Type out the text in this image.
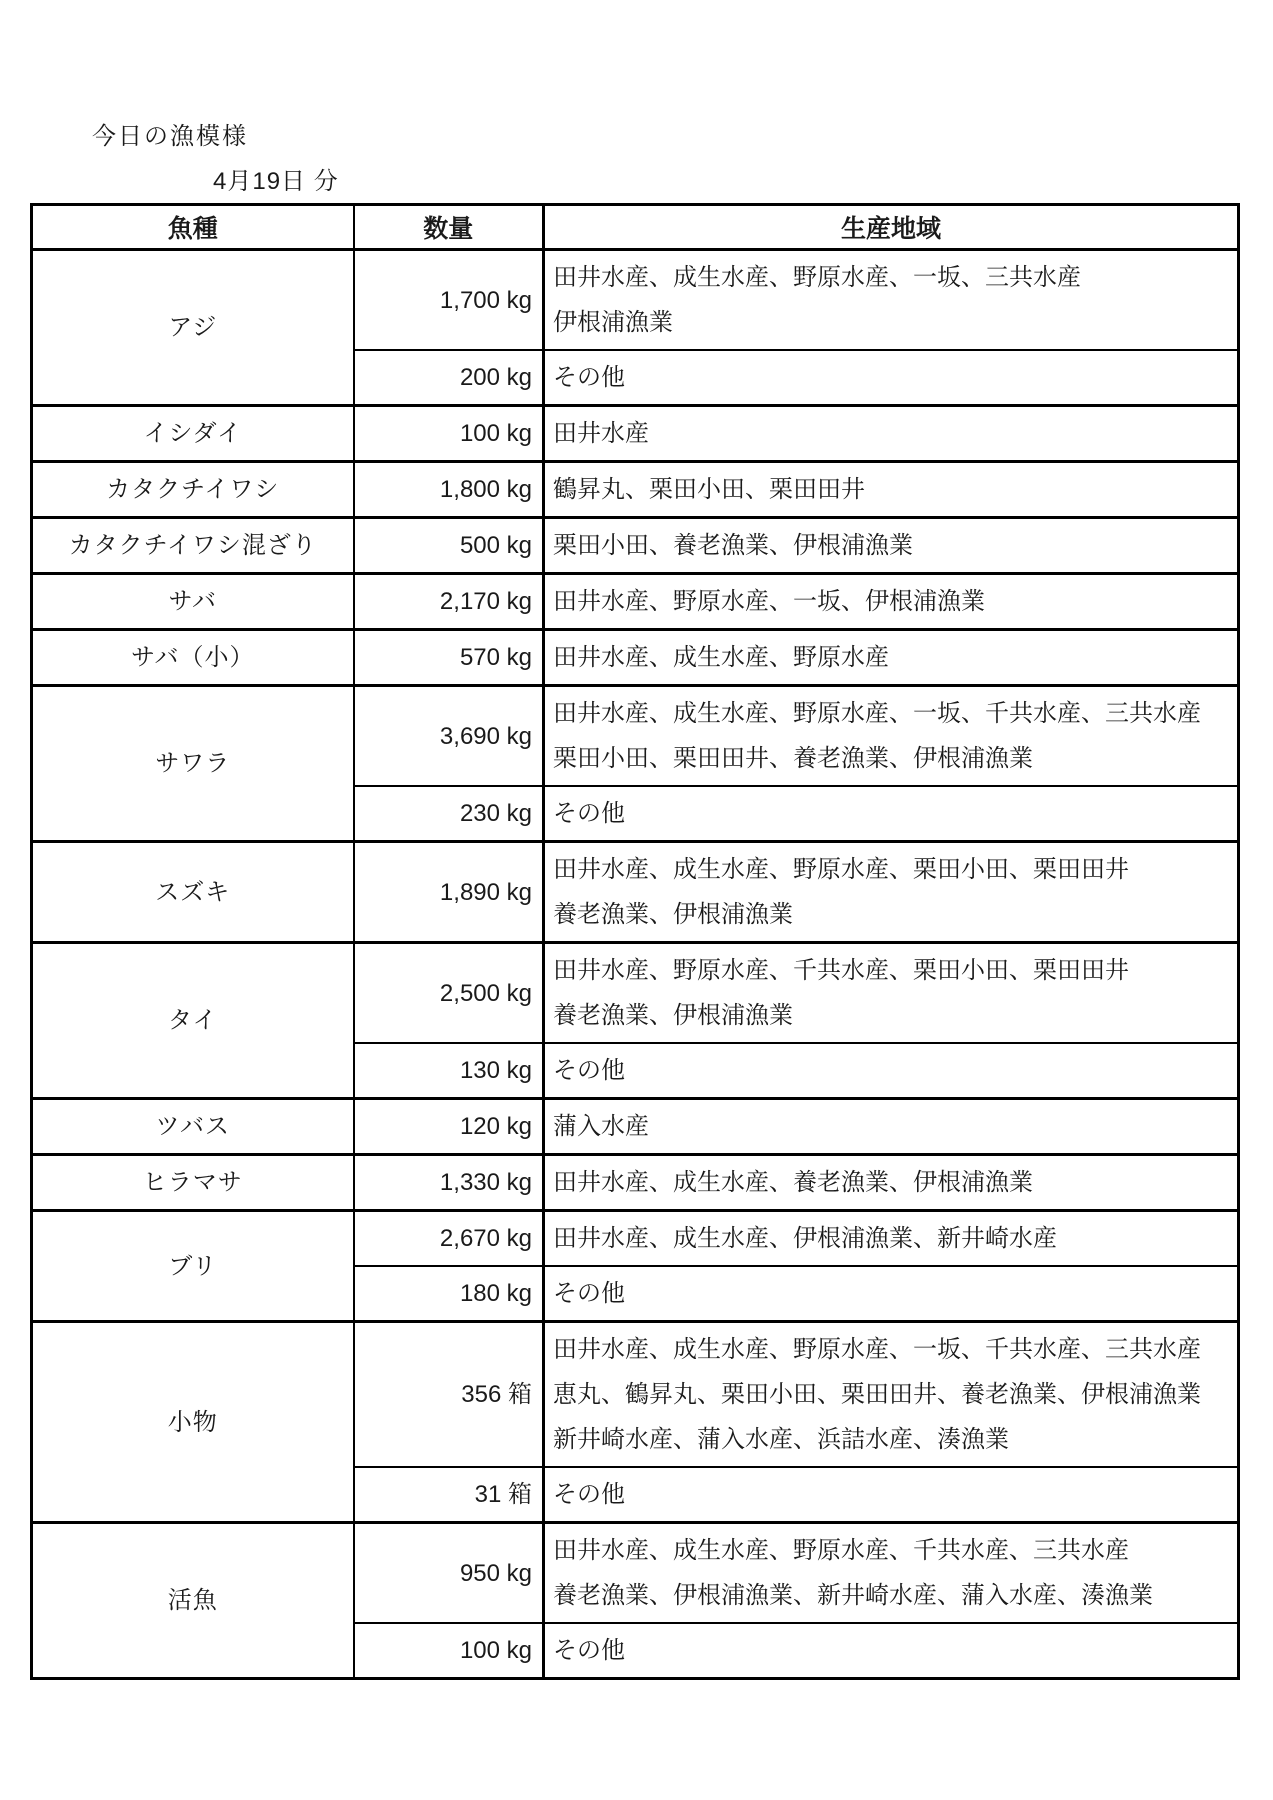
今日の漁模様
4月19日 分
魚種	数量	生産地域
アジ	1,700 kg	田井水産、成生水産、野原水産、一坂、三共水産
伊根浦漁業

	200 kg	その他

イシダイ	100 kg	田井水産

カタクチイワシ	1,800 kg	鶴昇丸、栗田小田、栗田田井

カタクチイワシ混ざり	500 kg	栗田小田、養老漁業、伊根浦漁業

サバ	2,170 kg	田井水産、野原水産、一坂、伊根浦漁業

サバ（小）	570 kg	田井水産、成生水産、野原水産

サワラ	3,690 kg	田井水産、成生水産、野原水産、一坂、千共水産、三共水産
栗田小田、栗田田井、養老漁業、伊根浦漁業

	230 kg	その他

スズキ	1,890 kg	田井水産、成生水産、野原水産、栗田小田、栗田田井
養老漁業、伊根浦漁業

タイ	2,500 kg	田井水産、野原水産、千共水産、栗田小田、栗田田井
養老漁業、伊根浦漁業

	130 kg	その他

ツバス	120 kg	蒲入水産

ヒラマサ	1,330 kg	田井水産、成生水産、養老漁業、伊根浦漁業

ブリ	2,670 kg	田井水産、成生水産、伊根浦漁業、新井崎水産

	180 kg	その他

小物	356 箱	田井水産、成生水産、野原水産、一坂、千共水産、三共水産
恵丸、鶴昇丸、栗田小田、栗田田井、養老漁業、伊根浦漁業
新井崎水産、蒲入水産、浜詰水産、湊漁業

	31 箱	その他

活魚	950 kg	田井水産、成生水産、野原水産、千共水産、三共水産
養老漁業、伊根浦漁業、新井崎水産、蒲入水産、湊漁業

	100 kg	その他
